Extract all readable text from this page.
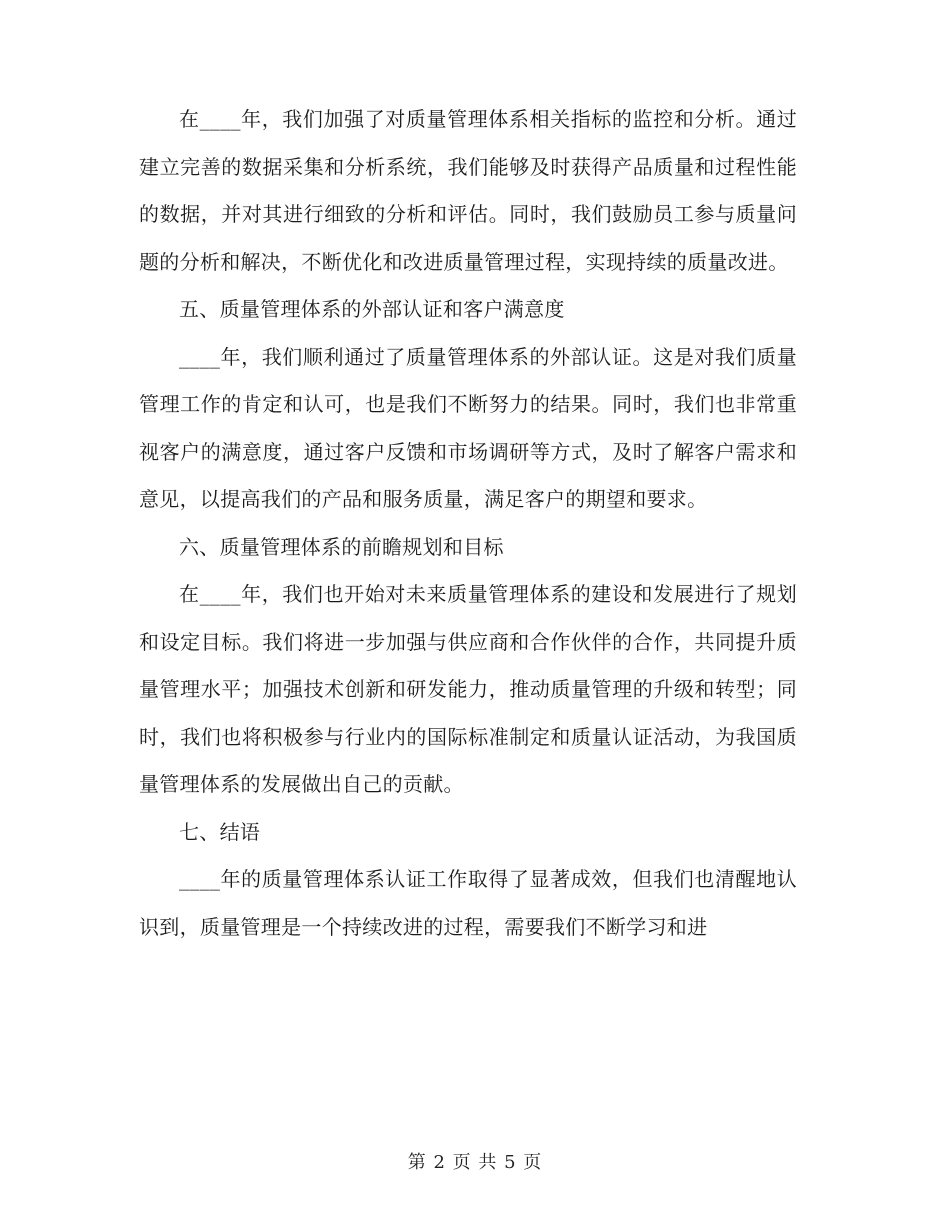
在____年，我们加强了对质量管理体系相关指标的监控和分析。通过建立完善的数据采集和分析系统，我们能够及时获得产品质量和过程性能的数据，并对其进行细致的分析和评估。同时，我们鼓励员工参与质量问题的分析和解决，不断优化和改进质量管理过程，实现持续的质量改进。

五、质量管理体系的外部认证和客户满意度

____年，我们顺利通过了质量管理体系的外部认证。这是对我们质量管理工作的肯定和认可，也是我们不断努力的结果。同时，我们也非常重视客户的满意度，通过客户反馈和市场调研等方式，及时了解客户需求和意见，以提高我们的产品和服务质量，满足客户的期望和要求。

六、质量管理体系的前瞻规划和目标

在____年，我们也开始对未来质量管理体系的建设和发展进行了规划和设定目标。我们将进一步加强与供应商和合作伙伴的合作，共同提升质量管理水平；加强技术创新和研发能力，推动质量管理的升级和转型；同时，我们也将积极参与行业内的国际标准制定和质量认证活动，为我国质量管理体系的发展做出自己的贡献。

七、结语

____年的质量管理体系认证工作取得了显著成效，但我们也清醒地认识到，质量管理是一个持续改进的过程，需要我们不断学习和进

第 2 页 共 5 页
